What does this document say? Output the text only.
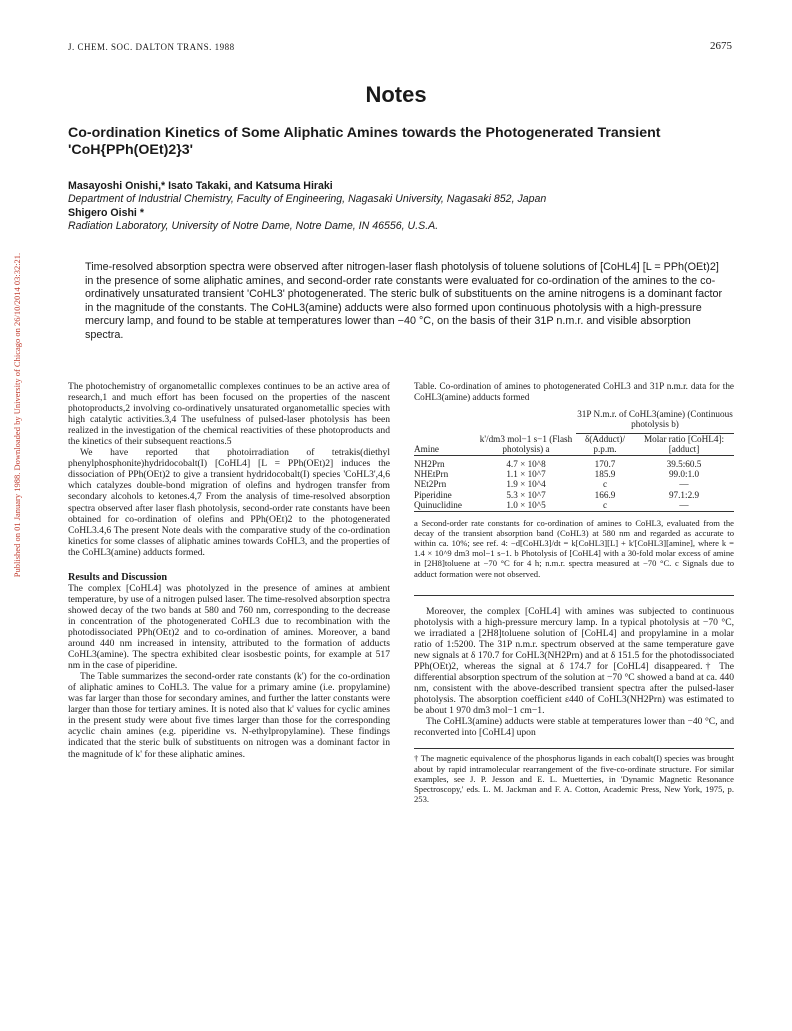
J. CHEM. SOC. DALTON TRANS. 1988	2675
Published on 01 January 1988. Downloaded by University of Chicago on 26/10/2014 03:32:21.
Notes
Co-ordination Kinetics of Some Aliphatic Amines towards the Photogenerated Transient 'CoH{PPh(OEt)2}3'
Masayoshi Onishi,* Isato Takaki, and Katsuma Hiraki
Department of Industrial Chemistry, Faculty of Engineering, Nagasaki University, Nagasaki 852, Japan
Shigero Oishi *
Radiation Laboratory, University of Notre Dame, Notre Dame, IN 46556, U.S.A.
Time-resolved absorption spectra were observed after nitrogen-laser flash photolysis of toluene solutions of [CoHL4] [L = PPh(OEt)2] in the presence of some aliphatic amines, and second-order rate constants were evaluated for co-ordination of the amines to the co-ordinatively unsaturated transient 'CoHL3' photogenerated. The steric bulk of substituents on the amine nitrogens is a dominant factor in the magnitude of the constants. The CoHL3(amine) adducts were also formed upon continuous photolysis with a high-pressure mercury lamp, and found to be stable at temperatures lower than −40 °C, on the basis of their 31P n.m.r. and visible absorption spectra.

The photochemistry of organometallic complexes continues to be an active area of research,1 and much effort has been focused on the properties of the nascent photoproducts,2 involving co-ordinatively unsaturated organometallic species with high catalytic activities.3,4 The usefulness of pulsed-laser photolysis has been realized in the investigation of the chemical reactivities of these photoproducts and the kinetics of their subsequent reactions.5

We have reported that photoirradiation of tetrakis(diethyl phenylphosphonite)hydridocobalt(I) [CoHL4] [L = PPh(OEt)2] induces the dissociation of PPh(OEt)2 to give a transient hydridocobalt(I) species 'CoHL3',4,6 which catalyzes double-bond migration of olefins and hydrogen transfer from secondary alcohols to ketones.4,7 From the analysis of time-resolved absorption spectra observed after laser flash photolysis, second-order rate constants have been obtained for co-ordination of olefins and PPh(OEt)2 to the photogenerated CoHL3.4,6 The present Note deals with the comparative study of the co-ordination kinetics for some classes of aliphatic amines towards CoHL3, and the properties of the CoHL3(amine) adducts formed.

Results and Discussion

The complex [CoHL4] was photolyzed in the presence of amines at ambient temperature, by use of a nitrogen pulsed laser. The time-resolved absorption spectra showed decay of the two bands at 580 and 760 nm, corresponding to the decrease in concentration of the photogenerated CoHL3 due to recombination with the photodissociated PPh(OEt)2 and to co-ordination of amines. Moreover, a band around 440 nm increased in intensity, attributed to the formation of adducts CoHL3(amine). The spectra exhibited clear isosbestic points, for example at 517 nm in the case of piperidine.

The Table summarizes the second-order rate constants (k') for the co-ordination of aliphatic amines to CoHL3. The value for a primary amine (i.e. propylamine) was far larger than those for secondary amines, and further the latter constants were larger than those for tertiary amines. It is noted also that k' values for cyclic amines in the present study were about five times larger than those for the corresponding acyclic chain amines (e.g. piperidine vs. N-ethylpropylamine). These findings indicated that the steric bulk of substituents on nitrogen was a dominant factor in the magnitude of k' for these aliphatic amines.

Table. Co-ordination of amines to photogenerated CoHL3 and 31P n.m.r. data for the CoHL3(amine) adducts formed
		31P N.m.r. of CoHL3(amine) (Continuous photolysis b)	
Amine	k'/dm3 mol−1 s−1 (Flash photolysis) a	δ(Adduct)/ p.p.m.	Molar ratio [CoHL4]:[adduct]

NH2Prn	4.7 × 10^8	170.7	39.5:60.5
NHEtPrn	1.1 × 10^7	185.9	99.0:1.0
NEt2Prn	1.9 × 10^4	c	—
Piperidine	5.3 × 10^7	166.9	97.1:2.9
Quinuclidine	1.0 × 10^5	c	—

a Second-order rate constants for co-ordination of amines to CoHL3, evaluated from the decay of the transient absorption band (CoHL3) at 580 nm and regarded as accurate to within ca. 10%; see ref. 4: −d[CoHL3]/dt = k[CoHL3][L] + k'[CoHL3][amine], where k = 1.4 × 10^9 dm3 mol−1 s−1. b Photolysis of [CoHL4] with a 30-fold molar excess of amine in [2H8]toluene at −70 °C for 4 h; n.m.r. spectra measured at −70 °C. c Signals due to adduct formation were not observed.

Moreover, the complex [CoHL4] with amines was subjected to continuous photolysis with a high-pressure mercury lamp. In a typical photolysis at −70 °C, we irradiated a [2H8]toluene solution of [CoHL4] and propylamine in a molar ratio of 1:5200. The 31P n.m.r. spectrum observed at the same temperature gave new signals at δ 170.7 for CoHL3(NH2Prn) and at δ 151.5 for the photodissociated PPh(OEt)2, whereas the signal at δ 174.7 for [CoHL4] disappeared.† The differential absorption spectrum of the solution at −70 °C showed a band at ca. 440 nm, consistent with the above-described transient spectra after the pulsed-laser photolysis. The absorption coefficient ε440 of CoHL3(NH2Prn) was estimated to be about 1 970 dm3 mol−1 cm−1.

The CoHL3(amine) adducts were stable at temperatures lower than −40 °C, and reconverted into [CoHL4] upon

† The magnetic equivalence of the phosphorus ligands in each cobalt(I) species was brought about by rapid intramolecular rearrangement of the five-co-ordinate structure. For similar examples, see J. P. Jesson and E. L. Muetterties, in 'Dynamic Magnetic Resonance Spectroscopy,' eds. L. M. Jackman and F. A. Cotton, Academic Press, New York, 1975, p. 253.
